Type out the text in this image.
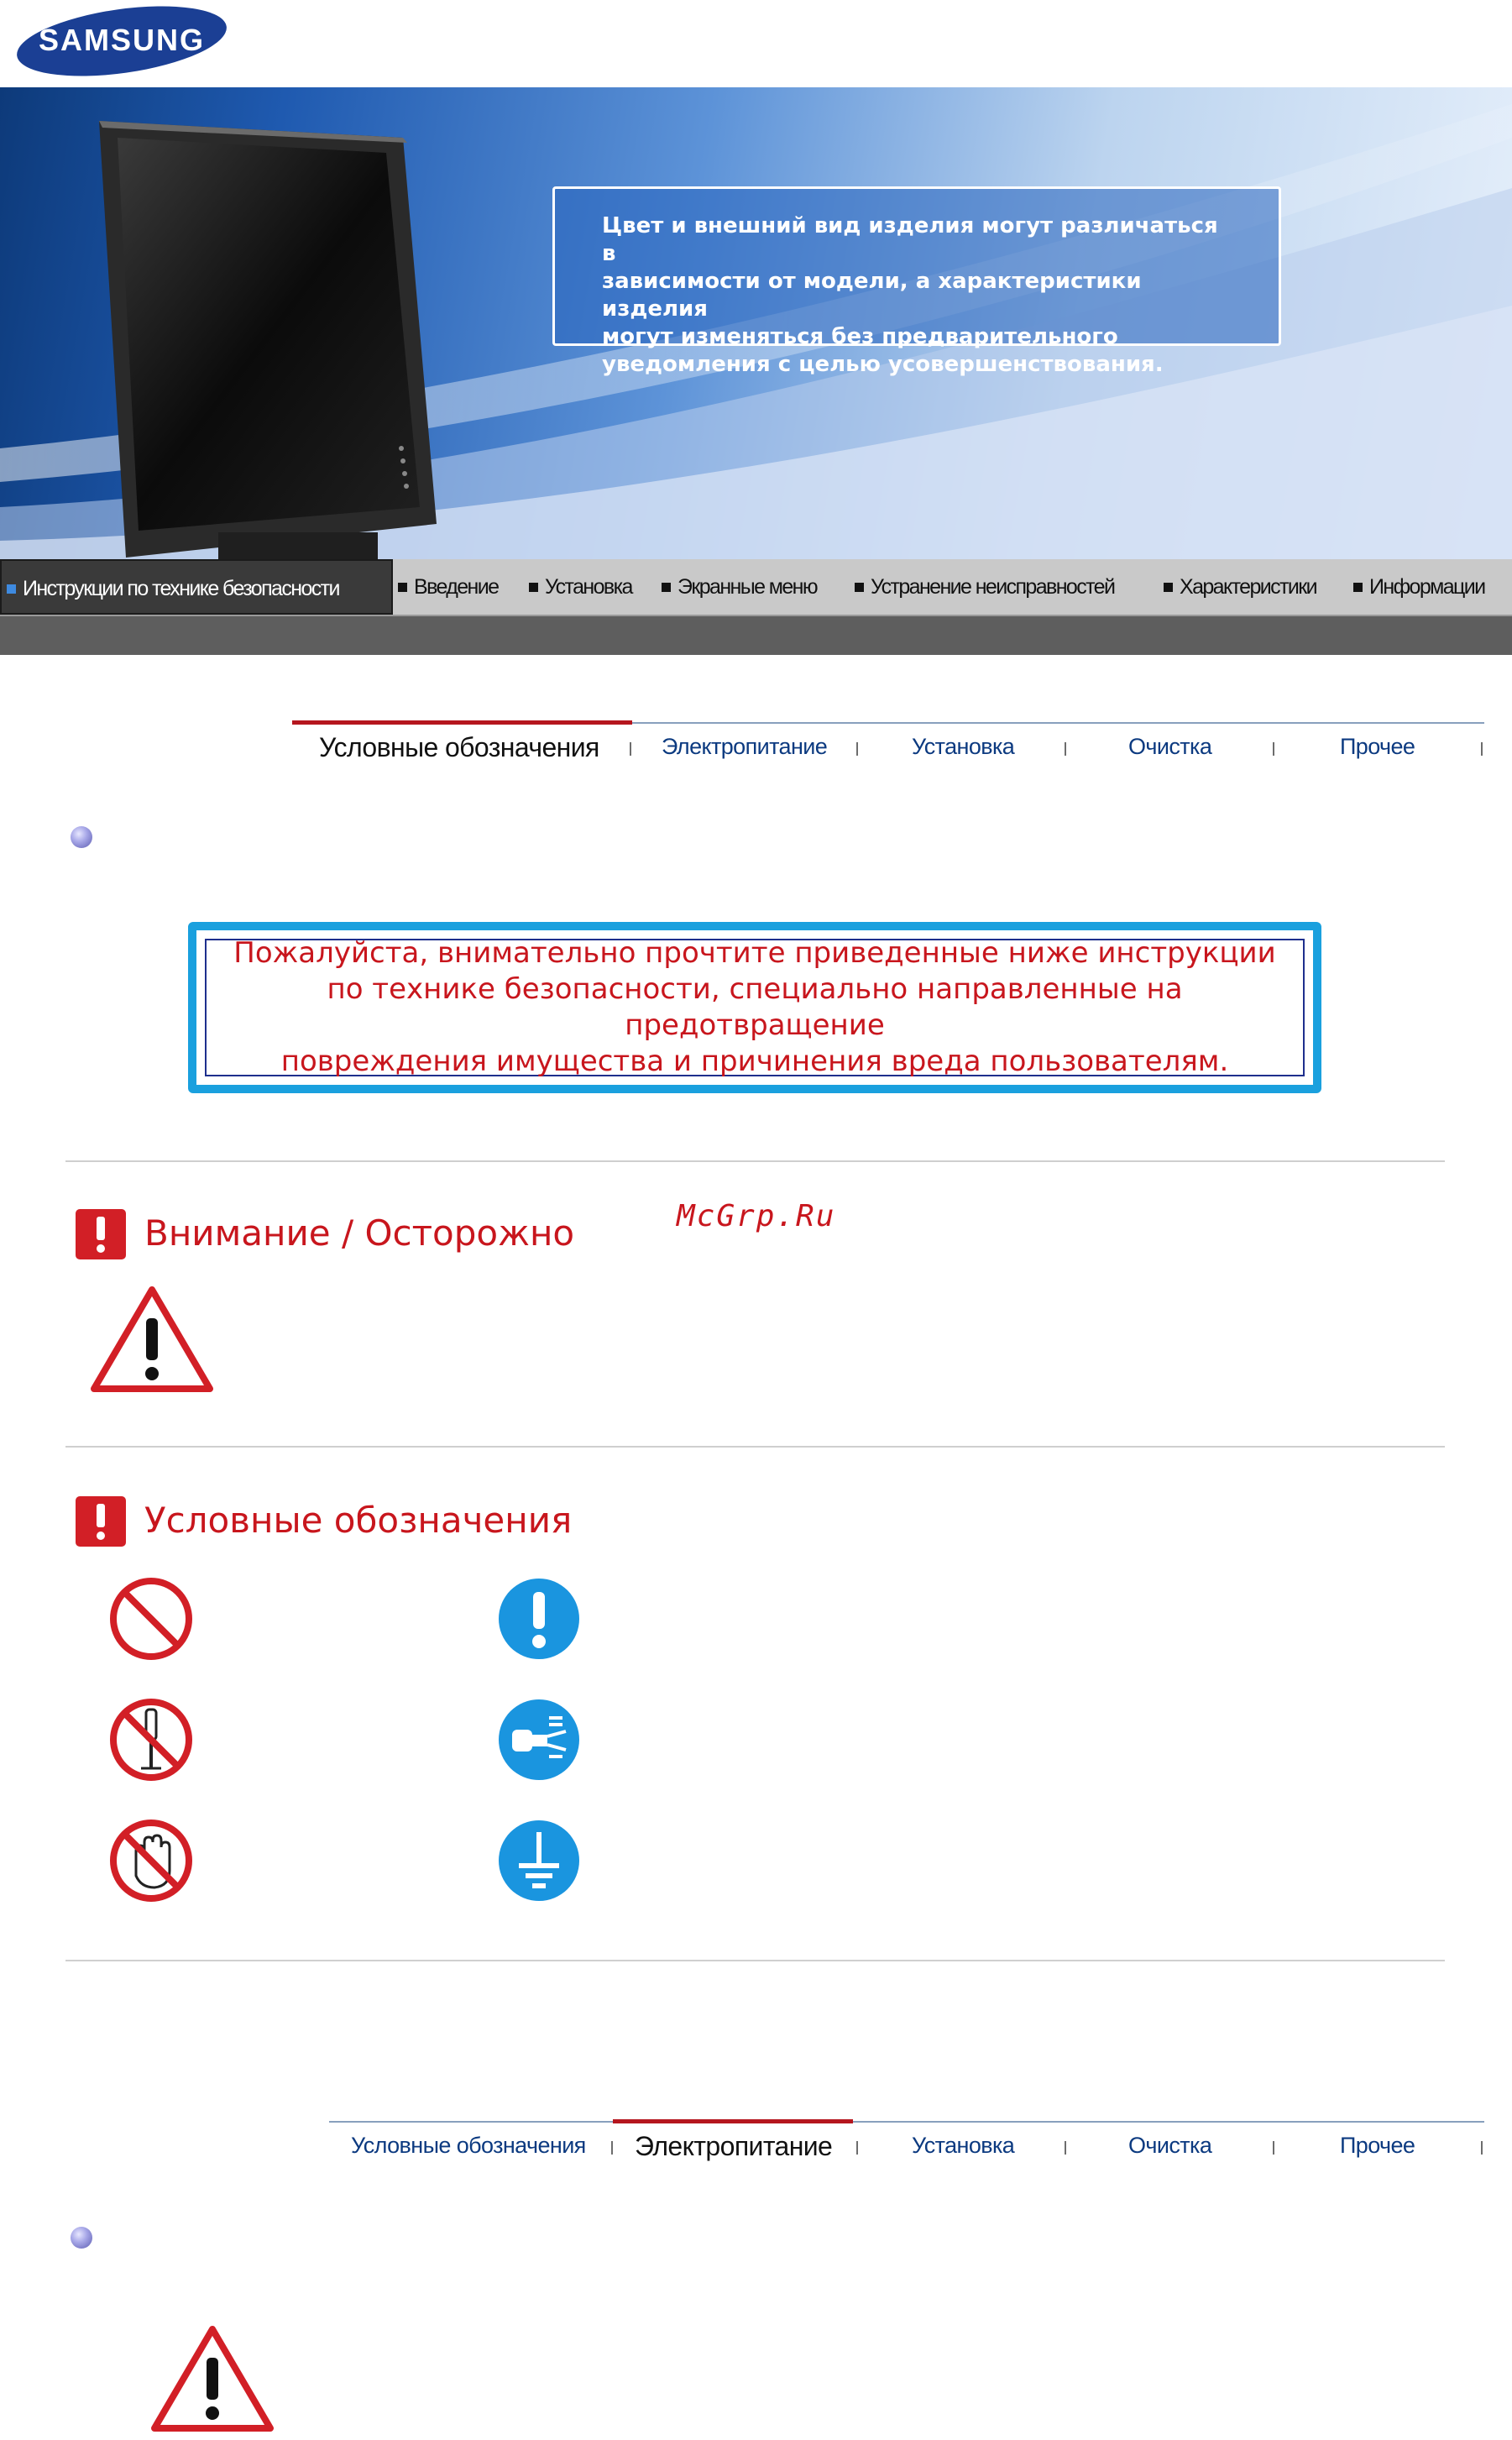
SAMSUNG
Цвет и внешний вид изделия могут различаться в
зависимости от модели, а характеристики изделия
могут изменяться без предварительного
уведомления с целью усовершенствования.
Инструкции по технике безопасности	Введение	Установка	Экранные меню	Устранение неисправностей	Характеристики	Информации
Условные обозначения	Электропитание	Установка	Очистка	Прочее
Пожалуйста, внимательно прочтите приведенные ниже инструкции
по технике безопасности, специально направленные на предотвращение
повреждения имущества и причинения вреда пользователям.
Внимание / Осторожно	McGrp.Ru
Условные обозначения
Условные обозначения Электропитание	Установка	Очистка	Прочее
